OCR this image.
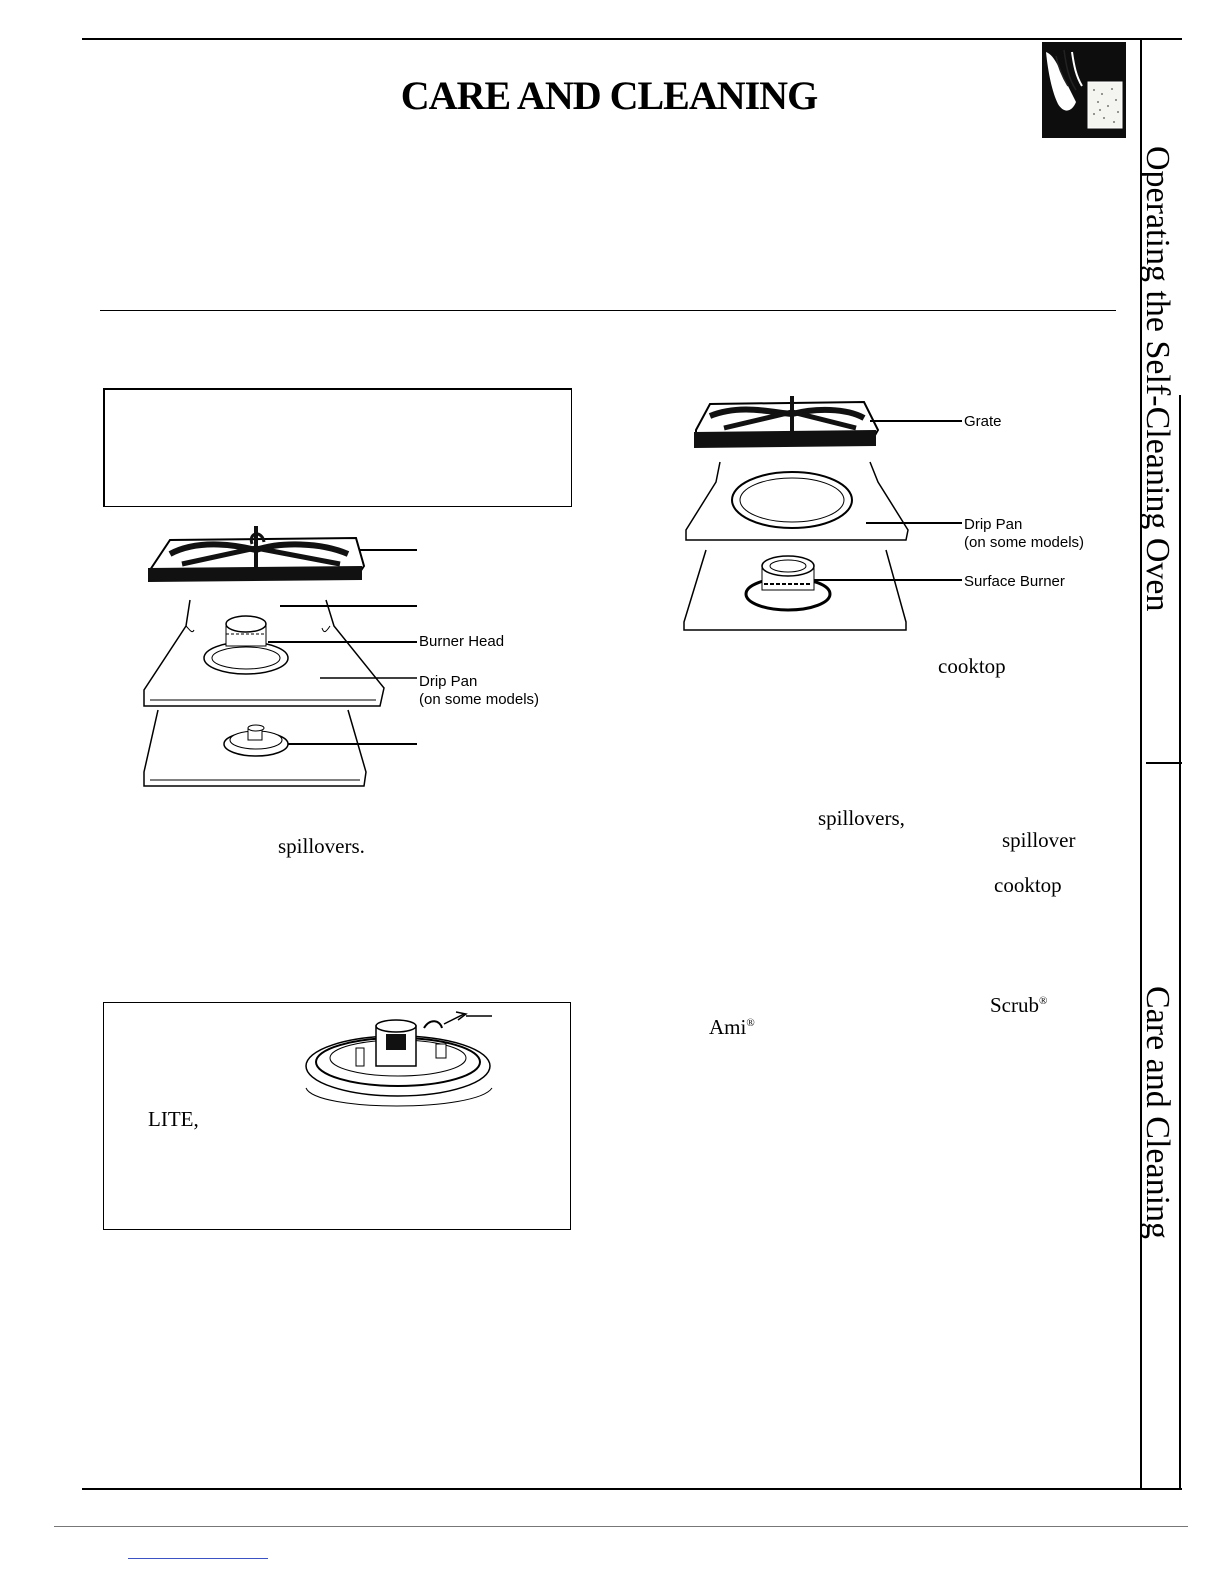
CARE AND CLEANING
Operating the Self-Cleaning Oven
Care and Cleaning
Burner Head
Drip Pan
(on some models)
Grate
Drip Pan
(on some models)
Surface Burner
cooktop
spillovers,
spillover
cooktop
Scrub®
Ami®
spillovers.
LITE,
